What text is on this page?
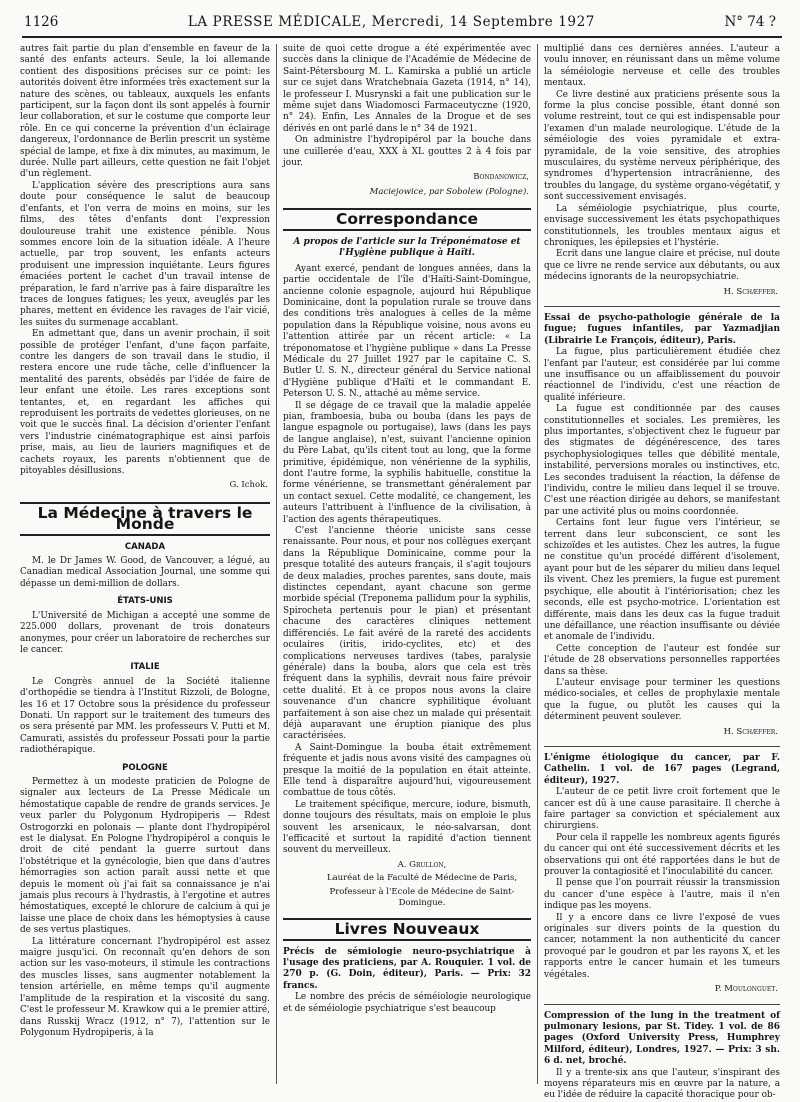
1126	LA PRESSE MÉDICALE, Mercredi, 14 Septembre 1927	N° 74 ?

autres fait partie du plan d'ensemble en faveur de la santé des enfants acteurs. Seule, la loi allemande contient des dispositions précises sur ce point: les autorités doivent être informées très exactement sur la nature des scènes, ou tableaux, auxquels les enfants participent, sur la façon dont ils sont appelés à fournir leur collaboration, et sur le costume que comporte leur rôle. En ce qui concerne la prévention d'un éclairage dangereux, l'ordonnance de Berlin prescrit un système spécial de lampe, et fixe à dix minutes, au maximum, le durée. Nulle part ailleurs, cette question ne fait l'objet d'un règlement.

L'application sévère des prescriptions aura sans doute pour conséquence le salut de beaucoup d'enfants, et l'on verra de moins en moins, sur les films, des têtes d'enfants dont l'expression douloureuse trahit une existence pénible. Nous sommes encore loin de la situation idéale. A l'heure actuelle, par trop souvent, les enfants acteurs produisent une impression inquiétante. Leurs figures émaciées portent le cachet d'un travail intense de préparation, le fard n'arrive pas à faire disparaître les traces de longues fatigues; les yeux, aveuglés par les phares, mettent en évidence les ravages de l'air vicié, les suites du surmenage accablant.

En admettant que, dans un avenir prochain, il soit possible de protéger l'enfant, d'une façon parfaite, contre les dangers de son travail dans le studio, il restera encore une rude tâche, celle d'influencer la mentalité des parents, obsédés par l'idée de faire de leur enfant une étoile. Les rares exceptions sont tentantes, et, en regardant les affiches qui reproduisent les portraits de vedettes glorieuses, on ne voit que le succès final. La décision d'orienter l'enfant vers l'industrie cinématographique est ainsi parfois prise, mais, au lieu de lauriers magnifiques et de cachets royaux, les parents n'obtiennent que de pitoyables désillusions.

G. Ichok.
La Médecine à travers le Monde
CANADA

M. le Dr James W. Good, de Vancouver, a légué, au Canadian medical Association Journal, une somme qui dépasse un demi-million de dollars.

ÉTATS-UNIS

L'Université de Michigan a accepté une somme de 225.000 dollars, provenant de trois donateurs anonymes, pour créer un laboratoire de recherches sur le cancer.

ITALIE

Le Congrès annuel de la Société italienne d'orthopédie se tiendra à l'Institut Rizzoli, de Bologne, les 16 et 17 Octobre sous la présidence du professeur Donati. Un rapport sur le traitement des tumeurs des os sera présenté par MM. les professeurs V. Putti et M. Camurati, assistés du professeur Possati pour la partie radiothérapique.

POLOGNE

Permettez à un modeste praticien de Pologne de signaler aux lecteurs de La Presse Médicale un hémostatique capable de rendre de grands services. Je veux parler du Polygonum Hydropiperis — Rdest Ostrogorzki en polonais — plante dont l'hydropipérol est le dialysat. En Pologne l'hydropipérol a conquis le droit de cité pendant la guerre surtout dans l'obstétrique et la gynécologie, bien que dans d'autres hémorragies son action paraît aussi nette et que depuis le moment où j'ai fait sa connaissance je n'ai jamais plus recours à l'hydrastis, à l'ergotine et autres hémostatiques, excepté le chlorure de calcium à qui je laisse une place de choix dans les hémoptysies à cause de ses vertus plastiques.

La littérature concernant l'hydropipérol est assez maigre jusqu'ici. On reconnaît qu'en dehors de son action sur les vaso-moteurs, il stimule les contractions des muscles lisses, sans augmenter notablement la tension artérielle, en même temps qu'il augmente l'amplitude de la respiration et la viscosité du sang. C'est le professeur M. Krawkow qui a le premier attiré, dans Russkij Wracz (1912, n° 7), l'attention sur le Polygonum Hydropiperis, à la

suite de quoi cette drogue a été expérimentée avec succès dans la clinique de l'Académie de Médecine de Saint-Pétersbourg M. L. Kamirska a publié un article sur ce sujet dans Wratchebnaia Gazeta (1914, n° 14), le professeur I. Musrynski a fait une publication sur le même sujet dans Wiadomosci Farmaceutyczne (1920, n° 24). Enfin, Les Annales de la Drogue et de ses dérivés en ont parlé dans le n° 34 de 1921.

On administre l'hydropipérol par la bouche dans une cuillerée d'eau, XXX à XL gouttes 2 à 4 fois par jour.

Bondanowicz,
Maciejowice, par Sobolew (Pologne).
Correspondance
A propos de l'article sur la Tréponématose et l'Hygiène publique à Haïti.

Ayant exercé, pendant de longues années, dans la partie occidentale de l'île d'Haïti-Saint-Domingue, ancienne colonie espagnole, aujourd hui République Dominicaine, dont la population rurale se trouve dans des conditions très analogues à celles de la même population dans la République voisine, nous avons eu l'attention attirée par un récent article: « La tréponomatose et l'hygiène publique » dans La Presse Médicale du 27 Juillet 1927 par le capitaine C. S. Butler U. S. N., directeur général du Service national d'Hygiène publique d'Haïti et le commandant E. Peterson U. S. N., attaché au même service.

Il se dégage de ce travail que la maladie appelée pian, framboesia, buba ou bouba (dans les pays de langue espagnole ou portugaise), laws (dans les pays de langue anglaise), n'est, suivant l'ancienne opinion du Père Labat, qu'ils citent tout au long, que la forme primitive, épidémique, non vénérienne de la syphilis, dont l'autre forme, la syphilis habituelle, constitue la forme vénérienne, se transmettant généralement par un contact sexuel. Cette modalité, ce changement, les auteurs l'attribuent à l'influence de la civilisation, à l'action des agents thérapeutiques.

C'est l'ancienne théorie uniciste sans cesse renaissante. Pour nous, et pour nos collègues exerçant dans la République Dominicaine, comme pour la presque totalité des auteurs français, il s'agit toujours de deux maladies, proches parentes, sans doute, mais distinctes cependant, ayant chacune son germe morbide spécial (Treponema pallidum pour la syphilis, Spirocheta pertenuis pour le pian) et présentant chacune des caractères cliniques nettement différenciés. Le fait avéré de la rareté des accidents oculaires (iritis, irido-cyclites, etc) et des complications nerveuses tardives (tabes, paralysie générale) dans la bouba, alors que cela est très fréquent dans la syphilis, devrait nous faire prévoir cette dualité. Et à ce propos nous avons la claire souvenance d'un chancre syphilitique évoluant parfaitement à son aise chez un malade qui présentait déjà auparavant une éruption pianique des plus caractérisées.

A Saint-Domingue la bouba était extrêmement fréquente et jadis nous avons visité des campagnes où presque la moitié de la population en était atteinte. Elle tend à disparaître aujourd'hui, vigoureusement combattue de tous côtés.

Le traitement spécifique, mercure, iodure, bismuth, donne toujours des résultats, mais on emploie le plus souvent les arsenicaux, le néo-salvarsan, dont l'efficacité et surtout la rapidité d'action tiennent souvent du merveilleux.

A. Grullon,
Lauréat de la Faculté de Médecine de Paris,
Professeur à l'Ecole de Médecine de Saint-Domingue.
Livres Nouveaux

Précis de sémiologie neuro-psychiatrique à l'usage des praticiens, par A. Rouquier. 1 vol. de 270 p. (G. Doin, éditeur), Paris. — Prix: 32 francs.

Le nombre des précis de séméiologie neurologique et de séméiologie psychiatrique s'est beaucoup

multiplié dans ces dernières années. L'auteur a voulu innover, en réunissant dans un même volume la séméiologie nerveuse et celle des troubles mentaux.

Ce livre destiné aux praticiens présente sous la forme la plus concise possible, étant donné son volume restreint, tout ce qui est indispensable pour l'examen d'un malade neurologique. L'étude de la séméiologie des voies pyramidale et extra-pyramidale, de la voie sensitive, des atrophies musculaires, du système nerveux périphérique, des syndromes d'hypertension intracrânienne, des troubles du langage, du système organo-végétatif, y sont successivement envisagés.

La séméiologie psychiatrique, plus courte, envisage successivement les états psychopathiques constitutionnels, les troubles mentaux aigus et chroniques, les épilepsies et l'hystérie.

Ecrit dans une langue claire et précise, nul doute que ce livre ne rende service aux débutants, ou aux médecins ignorants de la neuropsychiatrie.

H. Schæffer.

Essai de psycho-pathologie générale de la fugue; fugues infantiles, par Yazmadjian (Librairie Le François, éditeur), Paris.

La fugue, plus particulièrement étudiée chez l'enfant par l'auteur, est considérée par lui comme une insuffisance ou un affaiblissement du pouvoir réactionnel de l'individu, c'est une réaction de qualité inférieure.

La fugue est conditionnée par des causes constitutionnelles et sociales. Les premières, les plus importantes, s'objectivent chez le fugueur par des stigmates de dégénérescence, des tares psychophysiologiques telles que débilité mentale, instabilité, perversions morales ou instinctives, etc. Les secondes traduisent la réaction, la défense de l'individu, contre le milieu dans lequel il se trouve. C'est une réaction dirigée au dehors, se manifestant par une activité plus ou moins coordonnée.

Certains font leur fugue vers l'intérieur, se terrent dans leur subconscient, ce sont les schizoïdes et les autistes. Chez les autres, la fugue ne constitue qu'un procédé différent d'isolement, ayant pour but de les séparer du milieu dans lequel ils vivent. Chez les premiers, la fugue est purement psychique, elle aboutit à l'intériorisation; chez les seconds, elle est psycho-motrice. L'orientation est différente, mais dans les deux cas la fugue traduit une défaillance, une réaction insuffisante ou déviée et anomale de l'individu.

Cette conception de l'auteur est fondée sur l'étude de 28 observations personnelles rapportées dans sa thèse.

L'auteur envisage pour terminer les questions médico-sociales, et celles de prophylaxie mentale que la fugue, ou plutôt les causes qui la déterminent peuvent soulever.

H. Schæffer.

L'énigme étiologique du cancer, par F. Cathelin. 1 vol. de 167 pages (Legrand, éditeur), 1927.

L'auteur de ce petit livre croit fortement que le cancer est dû à une cause parasitaire. Il cherche à faire partager sa conviction et spécialement aux chirurgiens.

Pour cela il rappelle les nombreux agents figurés du cancer qui ont été successivement décrits et les observations qui ont été rapportées dans le but de prouver la contagiosité et l'inoculabilité du cancer.

Il pense que l'on pourrait réussir la transmission du cancer d'une espèce à l'autre, mais il n'en indique pas les moyens.

Il y a encore dans ce livre l'exposé de vues originales sur divers points de la question du cancer, notamment la non authenticité du cancer provoqué par le goudron et par les rayons X, et les rapports entre le cancer humain et les tumeurs végétales.

P. Moulonguet.

Compression of the lung in the treatment of pulmonary lesions, par St. Tidey. 1 vol. de 86 pages (Oxford University Press, Humphrey Milford, éditeur), Londres, 1927. — Prix: 3 sh. 6 d. net, broché.

Il y a trente-six ans que l'auteur, s'inspirant des moyens réparateurs mis en œuvre par la nature, a eu l'idée de réduire la capacité thoracique pour ob-
